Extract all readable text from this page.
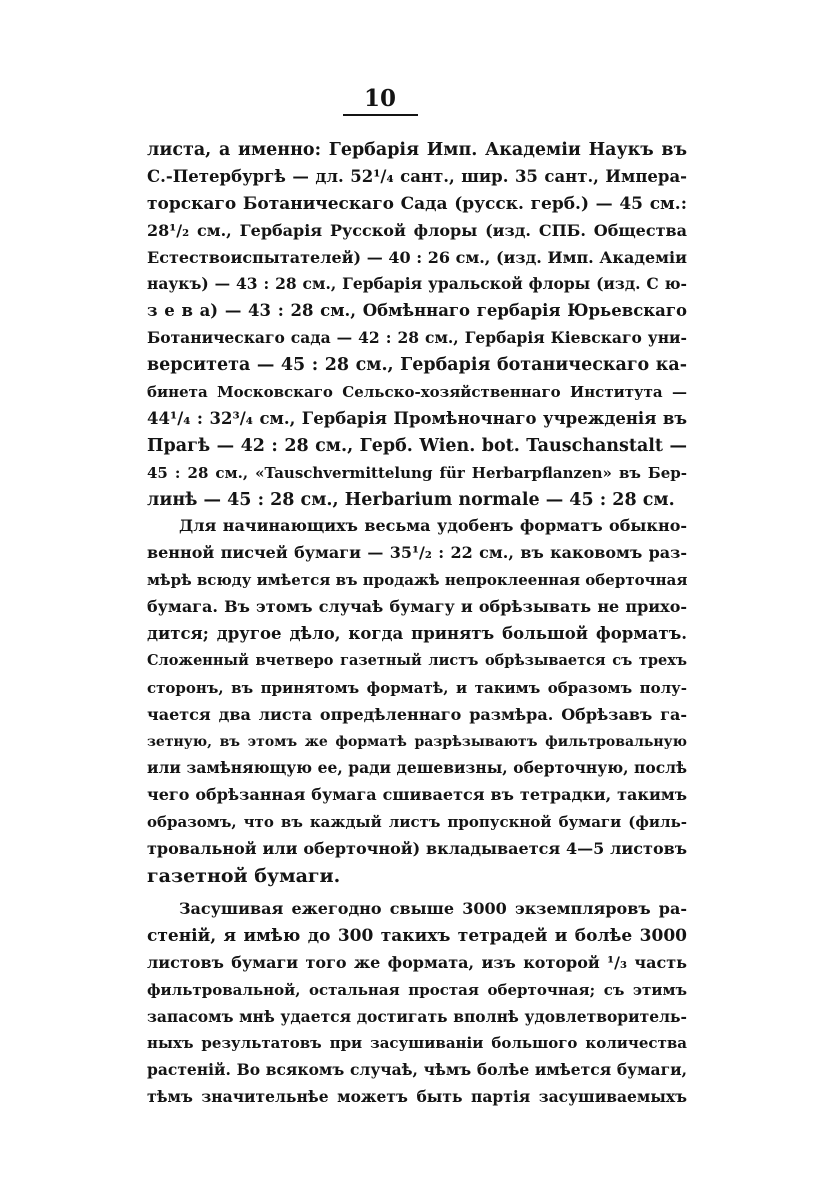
10
листа, а именно: Гербарія Имп. Академіи Наукъ въ
С.-Петербургѣ — дл. 52¹/₄ сант., шир. 35 сант., Импера-
торскаго Ботаническаго Сада (русск. герб.) — 45 см.:
28¹/₂ см., Гербарія Русской флоры (изд. СПБ. Общества
Естествоиспытателей) — 40 : 26 см., (изд. Имп. Академіи
наукъ) — 43 : 28 см., Гербарія уральской флоры (изд. С ю-
з е в а) — 43 : 28 см., Обмѣннаго гербарія Юрьевскаго
Ботаническаго сада — 42 : 28 см., Гербарія Кіевскаго уни-
верситета — 45 : 28 см., Гербарія ботаническаго ка-
бинета Московскаго Сельско-хозяйственнаго Института —
44¹/₄ : 32³/₄ см., Гербарія Промѣночнаго учрежденія въ
Прагѣ — 42 : 28 см., Герб. Wien. bot. Tauschanstalt —
45 : 28 см., «Tauschvermittelung für Herbarpflanzen» въ Бер-
линѣ — 45 : 28 см., Herbarium normale — 45 : 28 см.
Для начинающихъ весьма удобенъ форматъ обыкно-
венной писчей бумаги — 35¹/₂ : 22 см., въ каковомъ раз-
мѣрѣ всюду имѣется въ продажѣ непроклеенная оберточная
бумага. Въ этомъ случаѣ бумагу и обрѣзывать не прихо-
дится; другое дѣло, когда принятъ большой форматъ.
Сложенный вчетверо газетный листъ обрѣзывается съ трехъ
сторонъ, въ принятомъ форматѣ, и такимъ образомъ полу-
чается два листа опредѣленнаго размѣра. Обрѣзавъ га-
зетную, въ этомъ же форматѣ разрѣзываютъ фильтровальную
или замѣняющую ее, ради дешевизны, оберточную, послѣ
чего обрѣзанная бумага сшивается въ тетрадки, такимъ
образомъ, что въ каждый листъ пропускной бумаги (филь-
тровальной или оберточной) вкладывается 4—5 листовъ
газетной бумаги.
Засушивая ежегодно свыше 3000 экземпляровъ ра-
стеній, я имѣю до 300 такихъ тетрадей и болѣе 3000
листовъ бумаги того же формата, изъ которой ¹/₃ часть
фильтровальной, остальная простая оберточная; съ этимъ
запасомъ мнѣ удается достигать вполнѣ удовлетворитель-
ныхъ результатовъ при засушиваніи большого количества
растеній. Во всякомъ случаѣ, чѣмъ болѣе имѣется бумаги,
тѣмъ значительнѣе можетъ быть партія засушиваемыхъ
